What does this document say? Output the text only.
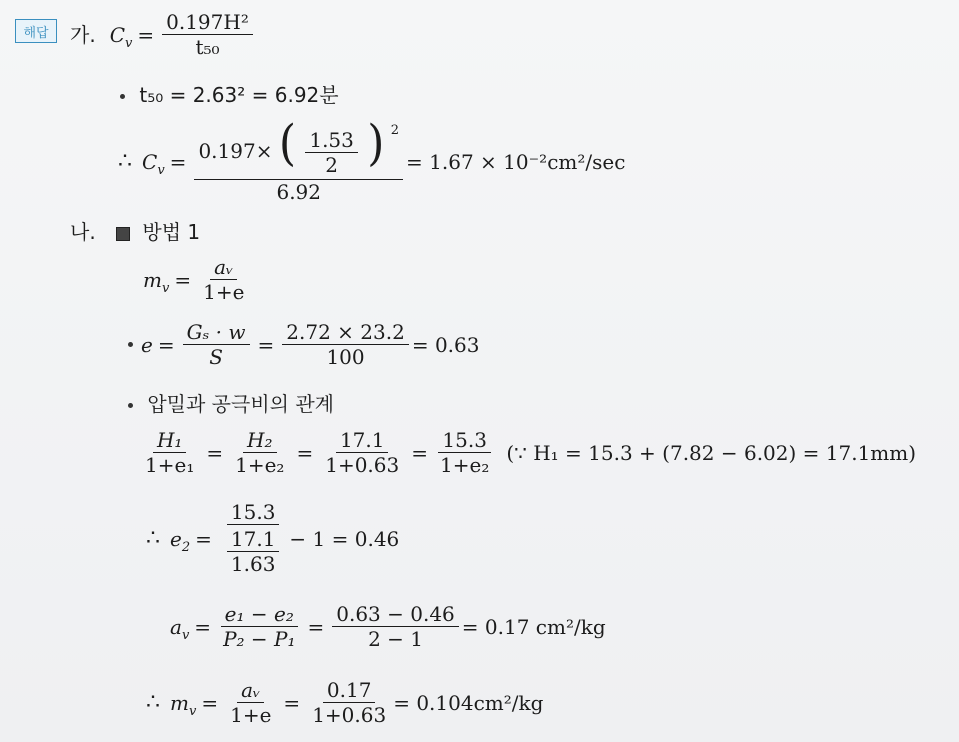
해답	가. $C_v = \frac{\text{0.197H²}}{\text{t₅₀}}$
t₅₀ = 2.63² = 6.92분
∴ $C_v = 0.197\times$ ( $\frac{1.53}{2}$ ) $^2$
6.92
= 1.67 × 10⁻²cm²/sec
나. 방법 1
$m_v = \frac{\text{aᵥ}}{1+e}$
$e = \frac{\text{Gₛ · w}}{S} = \frac{2.72 \times 23.2}{100} = 0.63$
압밀과 공극비의 관계
$\frac{\text{H₁}}{\text{1+e₁}} = \frac{\text{H₂}}{\text{1+e₂}} = \frac{17.1}{1+0.63} = \frac{15.3}{\text{1+e₂}}$ (∵ H₁ = 15.3 + (7.82 − 6.02) = 17.1mm)
∴ $e_2 = \frac{15.3}{\frac{17.1}{1.63}} - 1 = 0.46$
$a_v = \frac{\text{e₁ − e₂}}{\text{P₂ − P₁}} = \frac{0.63 - 0.46}{2 - 1} = 0.17$ cm²/kg
∴ $m_v = \frac{\text{aᵥ}}{1+e} = \frac{0.17}{1+0.63} = 0.104cm^2/kg$
